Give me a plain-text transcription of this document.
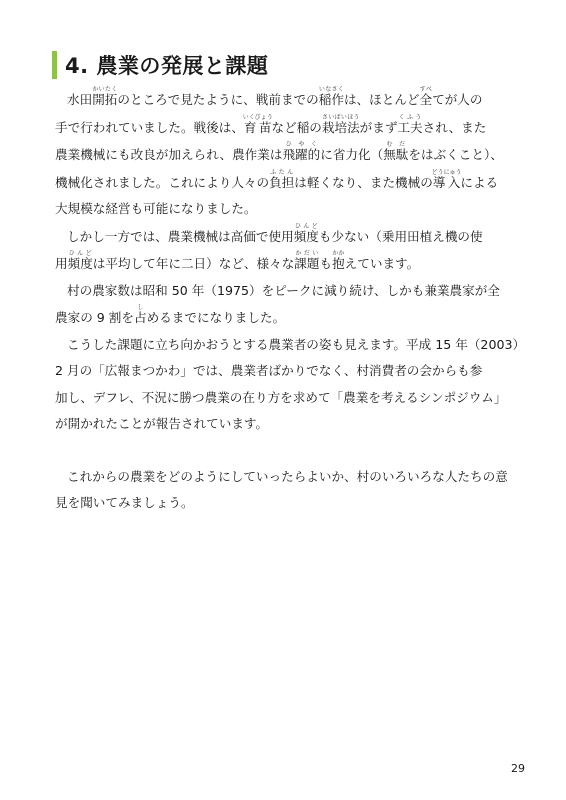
4. 農業の発展と課題

水田開拓かいたくのところで見たように、戦前までの稲作いなさくは、ほとんど全すべてが人の
手で行われていました。戦後は、育苗いくびょうなど稲の栽培法さいばいほうがまず工夫くふうされ、また
農業機械にも改良が加えられ、農作業は飛躍的ひやくに省力化（無駄むだをはぶくこと）、
機械化されました。これにより人々の負担ふたんは軽くなり、また機械の導入どうにゅうによる
大規模な経営も可能になりました。

しかし一方では、農業機械は高価で使用頻度ひんども少ない（乗用田植え機の使
用頻度ひんどは平均して年に二日）など、様々な課題かだいも抱かかえています。

村の農家数は昭和 50 年（1975）をピークに減り続け、しかも兼業農家が全
農家の 9 割を占しめるまでになりました。

こうした課題に立ち向かおうとする農業者の姿も見えます。平成 15 年（2003）
2 月の「広報まつかわ」では、農業者ばかりでなく、村消費者の会からも参
加し、デフレ、不況に勝つ農業の在り方を求めて「農業を考えるシンポジウム」
が開かれたことが報告されています。

これからの農業をどのようにしていったらよいか、村のいろいろな人たちの意
見を聞いてみましょう。

29
